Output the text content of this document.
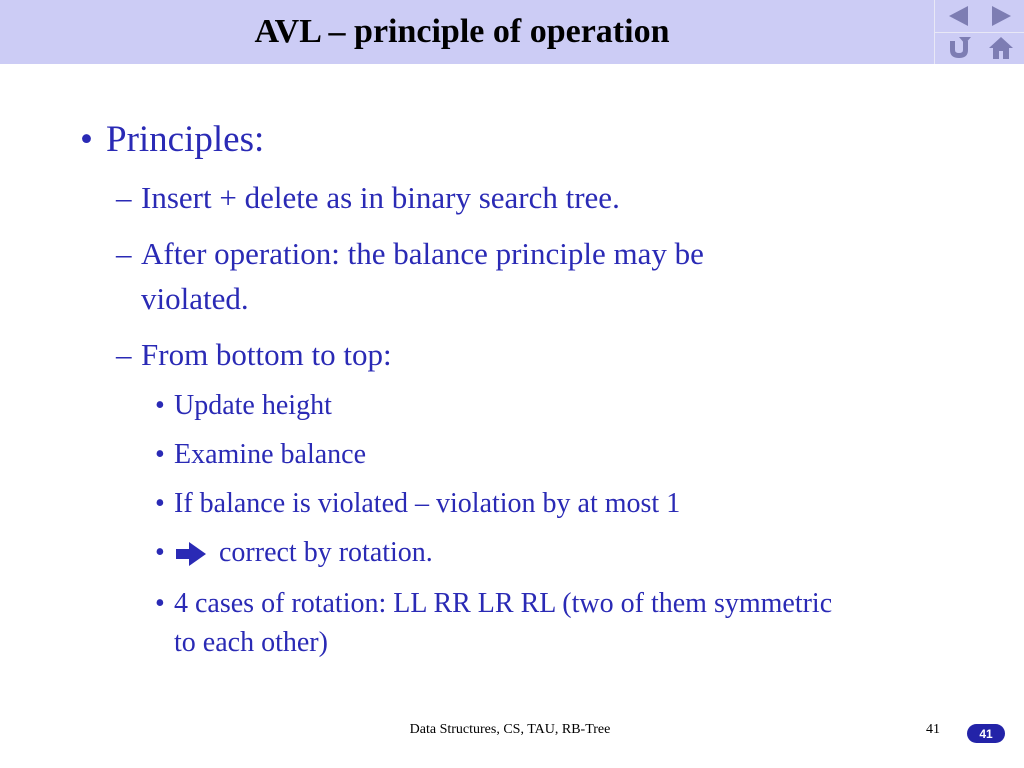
AVL – principle of operation
• Principles:
– Insert + delete as in binary search tree.
– After operation: the balance principle may be
violated.
– From bottom to top:
• Update height
• Examine balance
• If balance is violated – violation by at most 1
• correct by rotation.
• 4 cases of rotation: LL RR LR RL (two of them symmetric
to each other)
Data Structures, CS, TAU, RB-Tree	41	41
